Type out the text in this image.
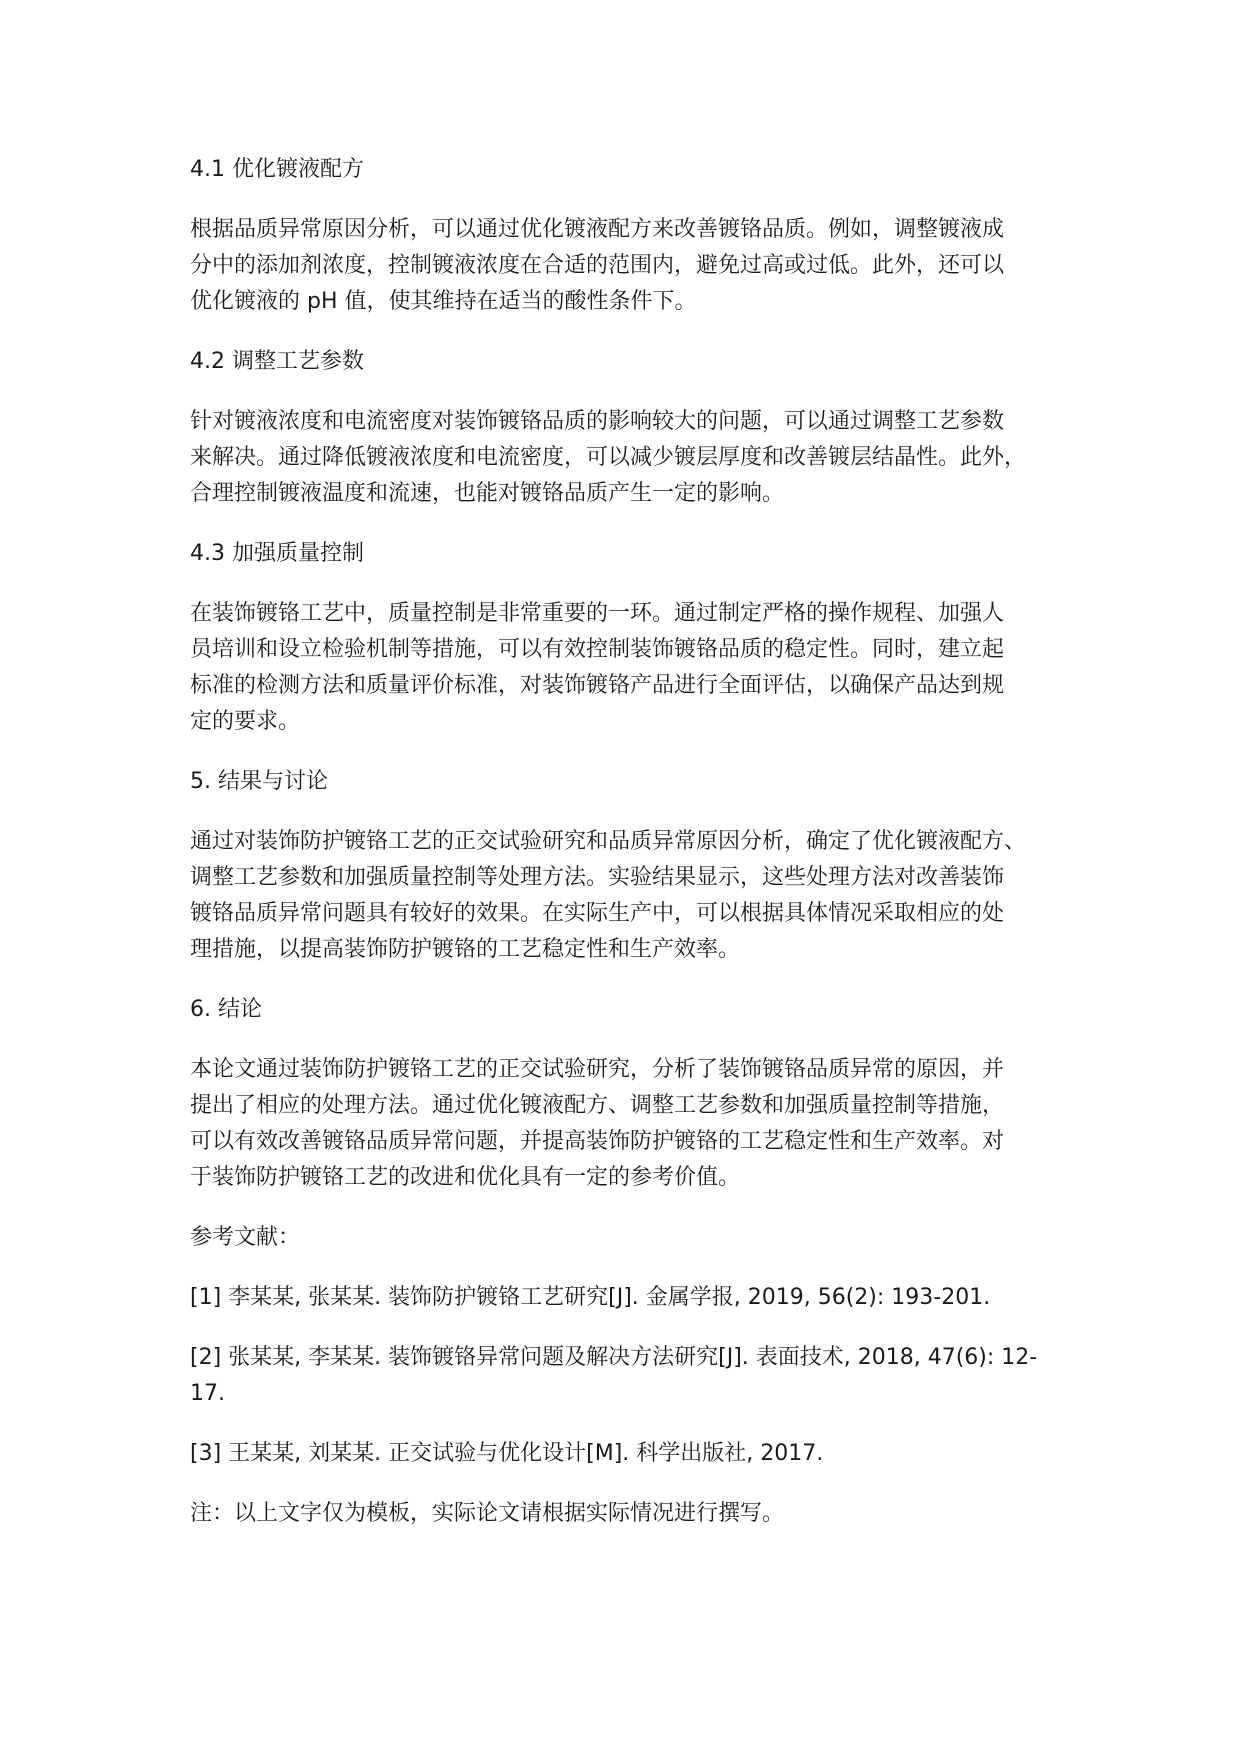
4.1 优化镀液配方
根据品质异常原因分析，可以通过优化镀液配方来改善镀铬品质。例如，调整镀液成
分中的添加剂浓度，控制镀液浓度在合适的范围内，避免过高或过低。此外，还可以
优化镀液的 pH 值，使其维持在适当的酸性条件下。
4.2 调整工艺参数
针对镀液浓度和电流密度对装饰镀铬品质的影响较大的问题，可以通过调整工艺参数
来解决。通过降低镀液浓度和电流密度，可以减少镀层厚度和改善镀层结晶性。此外，
合理控制镀液温度和流速，也能对镀铬品质产生一定的影响。
4.3 加强质量控制
在装饰镀铬工艺中，质量控制是非常重要的一环。通过制定严格的操作规程、加强人
员培训和设立检验机制等措施，可以有效控制装饰镀铬品质的稳定性。同时，建立起
标准的检测方法和质量评价标准，对装饰镀铬产品进行全面评估，以确保产品达到规
定的要求。
5. 结果与讨论
通过对装饰防护镀铬工艺的正交试验研究和品质异常原因分析，确定了优化镀液配方、
调整工艺参数和加强质量控制等处理方法。实验结果显示，这些处理方法对改善装饰
镀铬品质异常问题具有较好的效果。在实际生产中，可以根据具体情况采取相应的处
理措施，以提高装饰防护镀铬的工艺稳定性和生产效率。
6. 结论
本论文通过装饰防护镀铬工艺的正交试验研究，分析了装饰镀铬品质异常的原因，并
提出了相应的处理方法。通过优化镀液配方、调整工艺参数和加强质量控制等措施，
可以有效改善镀铬品质异常问题，并提高装饰防护镀铬的工艺稳定性和生产效率。对
于装饰防护镀铬工艺的改进和优化具有一定的参考价值。
参考文献：
[1] 李某某, 张某某. 装饰防护镀铬工艺研究[J]. 金属学报, 2019, 56(2): 193-201.
[2] 张某某, 李某某. 装饰镀铬异常问题及解决方法研究[J]. 表面技术, 2018, 47(6): 12-
17.
[3] 王某某, 刘某某. 正交试验与优化设计[M]. 科学出版社, 2017.
注：以上文字仅为模板，实际论文请根据实际情况进行撰写。
